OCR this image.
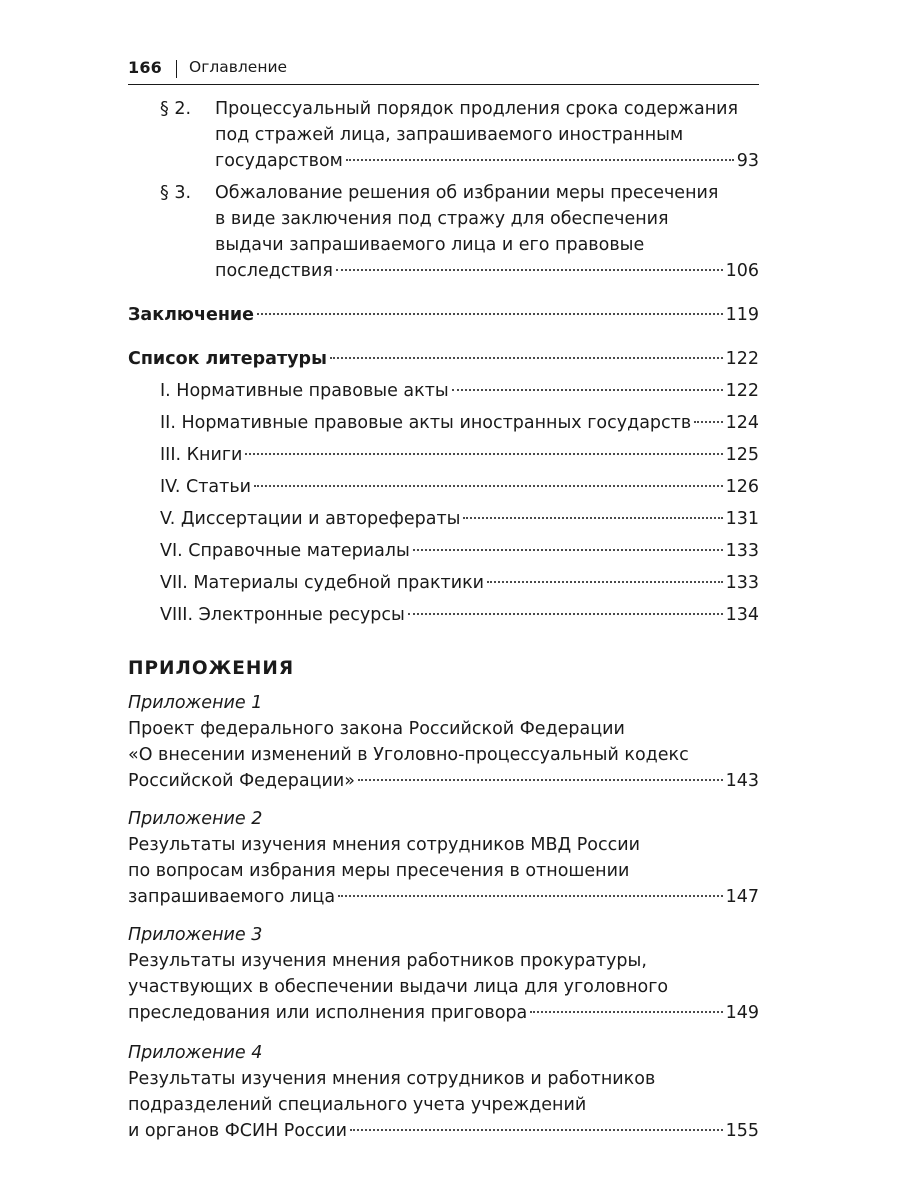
166 Оглавление
§ 2. Процессуальный порядок продления срока содержания
под стражей лица, запрашиваемого иностранным
государством	93
§ 3. Обжалование решения об избрании меры пресечения
в виде заключения под стражу для обеспечения
выдачи запрашиваемого лица и его правовые
последствия	106
Заключение	119
Список литературы	122
I. Нормативные правовые акты	122
II. Нормативные правовые акты иностранных государств 124
III. Книги	125
IV. Статьи	126
V. Диссертации и авторефераты	131
VI. Справочные материалы	133
VII. Материалы судебной практики	133
VIII. Электронные ресурсы	134
ПРИЛОЖЕНИЯ
Приложение 1
Проект федерального закона Российской Федерации
«О внесении изменений в Уголовно-процессуальный кодекс
Российской Федерации»	143
Приложение 2
Результаты изучения мнения сотрудников МВД России
по вопросам избрания меры пресечения в отношении
запрашиваемого лица	147
Приложение 3
Результаты изучения мнения работников прокуратуры,
участвующих в обеспечении выдачи лица для уголовного
преследования или исполнения приговора	149
Приложение 4
Результаты изучения мнения сотрудников и работников
подразделений специального учета учреждений
и органов ФСИН России	155
